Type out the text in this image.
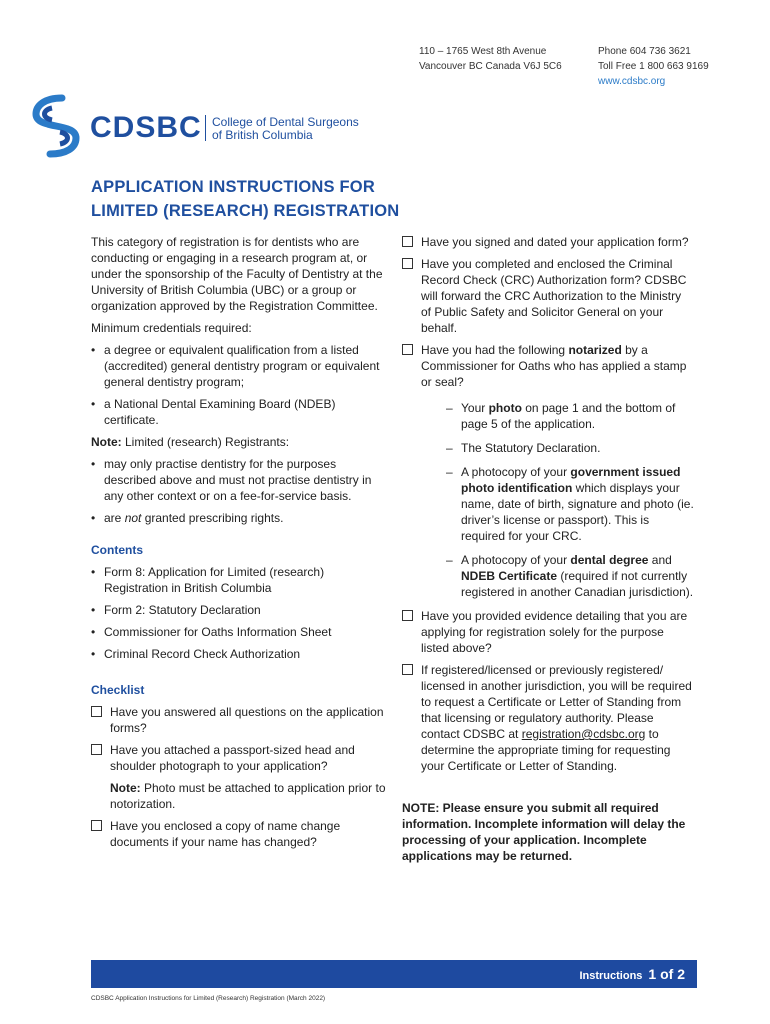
110 – 1765 West 8th Avenue
Vancouver BC Canada V6J 5C6
Phone 604 736 3621
Toll Free 1 800 663 9169
www.cdsbc.org
CDSBC College of Dental Surgeons
of British Columbia
APPLICATION INSTRUCTIONS FOR
LIMITED (RESEARCH) REGISTRATION

This category of registration is for dentists who are conducting or engaging in a research program at, or under the sponsorship of the Faculty of Dentistry at the University of British Columbia (UBC) or a group or organization approved by the Registration Committee.

Minimum credentials required:

• a degree or equivalent qualification from a listed (accredited) general dentistry program or equivalent general dentistry program;
• a National Dental Examining Board (NDEB) certificate.

Note: Limited (research) Registrants:

• may only practise dentistry for the purposes described above and must not practise dentistry in any other context or on a fee-for-service basis.
• are not granted prescribing rights.
Contents
• Form 8: Application for Limited (research) Registration in British Columbia
• Form 2: Statutory Declaration
• Commissioner for Oaths Information Sheet
• Criminal Record Check Authorization
Checklist
Have you answered all questions on the application forms?
Have you attached a passport-sized head and shoulder photograph to your application?
Note: Photo must be attached to application prior to notorization.
Have you enclosed a copy of name change documents if your name has changed?
Have you signed and dated your application form?
Have you completed and enclosed the Criminal Record Check (CRC) Authorization form? CDSBC will forward the CRC Authorization to the Ministry of Public Safety and Solicitor General on your behalf.
Have you had the following notarized by a Commissioner for Oaths who has applied a stamp or seal?
– Your photo on page 1 and the bottom of page 5 of the application.
– The Statutory Declaration.
– A photocopy of your government issued photo identification which displays your name, date of birth, signature and photo (ie. driver’s license or passport). This is required for your CRC.
– A photocopy of your dental degree and NDEB Certificate (required if not currently registered in another Canadian jurisdiction).
Have you provided evidence detailing that you are applying for registration solely for the purpose listed above?
If registered/licensed or previously registered/ licensed in another jurisdiction, you will be required to request a Certificate or Letter of Standing from that licensing or regulatory authority. Please contact CDSBC at registration@cdsbc.org to determine the appropriate timing for requesting your Certificate or Letter of Standing.
NOTE: Please ensure you submit all required information. Incomplete information will delay the processing of your application. Incomplete applications may be returned.
Instructions 1 of 2
CDSBC Application Instructions for Limited (Research) Registration (March 2022)
